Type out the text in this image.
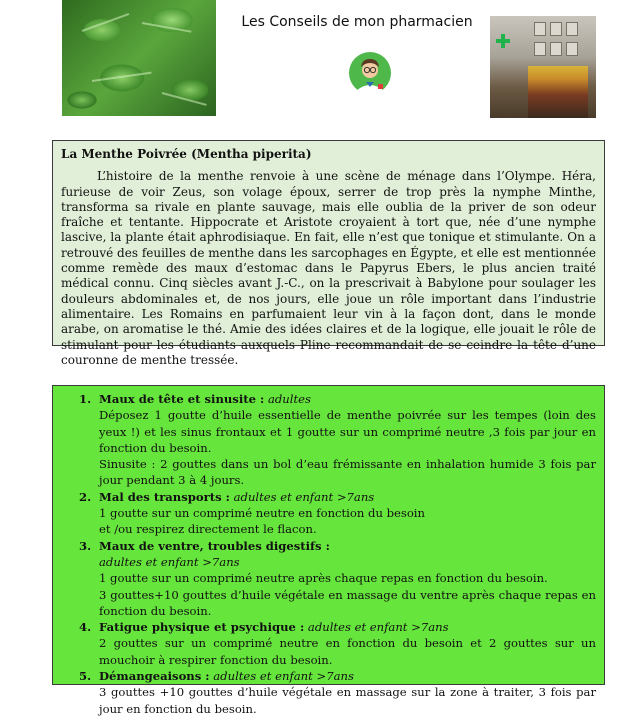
Les Conseils de mon pharmacien
La Menthe Poivrée (Mentha piperita)

L’histoire de la menthe renvoie à une scène de ménage dans l’Olympe. Héra, furieuse de voir Zeus, son volage époux, serrer de trop près la nymphe Minthe, transforma sa rivale en plante sauvage, mais elle oublia de la priver de son odeur fraîche et tentante. Hippocrate et Aristote croyaient à tort que, née d’une nymphe lascive, la plante était aphrodisiaque. En fait, elle n’est que tonique et stimulante. On a retrouvé des feuilles de menthe dans les sarcophages en Égypte, et elle est mentionnée comme remède des maux d’estomac dans le Papyrus Ebers, le plus ancien traité médical connu. Cinq siècles avant J.-C., on la prescrivait à Babylone pour soulager les douleurs abdominales et, de nos jours, elle joue un rôle important dans l’industrie alimentaire. Les Romains en parfumaient leur vin à la façon dont, dans le monde arabe, on aromatise le thé. Amie des idées claires et de la logique, elle jouait le rôle de stimulant pour les étudiants auxquels Pline recommandait de se ceindre la tête d’une couronne de menthe tressée.

1. Maux de tête et sinusite : adultes
Déposez 1 goutte d’huile essentielle de menthe poivrée sur les tempes (loin des yeux !) et les sinus frontaux et 1 goutte sur un comprimé neutre ,3 fois par jour en fonction du besoin.
Sinusite : 2 gouttes dans un bol d’eau frémissante en inhalation humide 3 fois par jour pendant 3 à 4 jours.
2. Mal des transports : adultes et enfant >7ans
1 goutte sur un comprimé neutre en fonction du besoin
et /ou respirez directement le flacon.
3. Maux de ventre, troubles digestifs :
adultes et enfant >7ans
1 goutte sur un comprimé neutre après chaque repas en fonction du besoin.
3 gouttes+10 gouttes d’huile végétale en massage du ventre après chaque repas en fonction du besoin.
4. Fatigue physique et psychique : adultes et enfant >7ans
2 gouttes sur un comprimé neutre en fonction du besoin et 2 gouttes sur un mouchoir à respirer fonction du besoin.
5. Démangeaisons : adultes et enfant >7ans
3 gouttes +10 gouttes d’huile végétale en massage sur la zone à traiter, 3 fois par jour en fonction du besoin.
